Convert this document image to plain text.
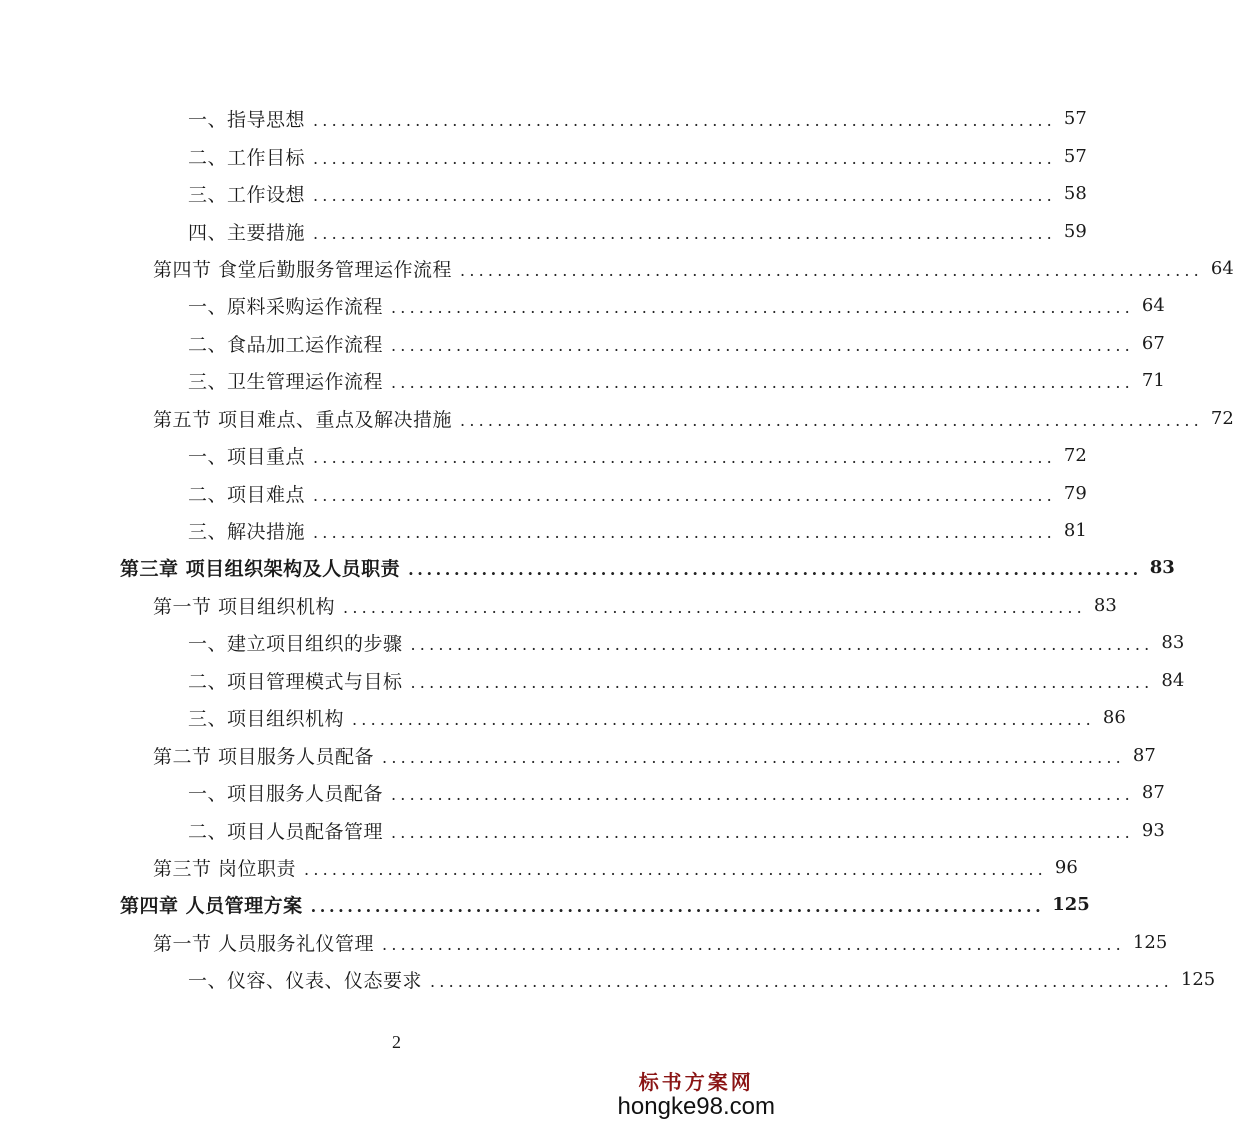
一、指导思想 ................................................................................ 57
二、工作目标 ................................................................................ 57
三、工作设想 ................................................................................ 58
四、主要措施 ................................................................................ 59
第四节 食堂后勤服务管理运作流程 ................................................................................ 64
一、原料采购运作流程 ................................................................................ 64
二、食品加工运作流程 ................................................................................ 67
三、卫生管理运作流程 ................................................................................ 71
第五节 项目难点、重点及解决措施 ................................................................................ 72
一、项目重点 ................................................................................ 72
二、项目难点 ................................................................................ 79
三、解决措施 ................................................................................ 81
第三章 项目组织架构及人员职责 ................................................................................ 83
第一节 项目组织机构 ................................................................................ 83
一、建立项目组织的步骤 ................................................................................ 83
二、项目管理模式与目标 ................................................................................ 84
三、项目组织机构 ................................................................................ 86
第二节 项目服务人员配备 ................................................................................ 87
一、项目服务人员配备 ................................................................................ 87
二、项目人员配备管理 ................................................................................ 93
第三节 岗位职责 ................................................................................ 96
第四章 人员管理方案 ................................................................................ 125
第一节 人员服务礼仪管理 ................................................................................ 125
一、仪容、仪表、仪态要求 ................................................................................ 125
2
标书方案网
hongke98.com
